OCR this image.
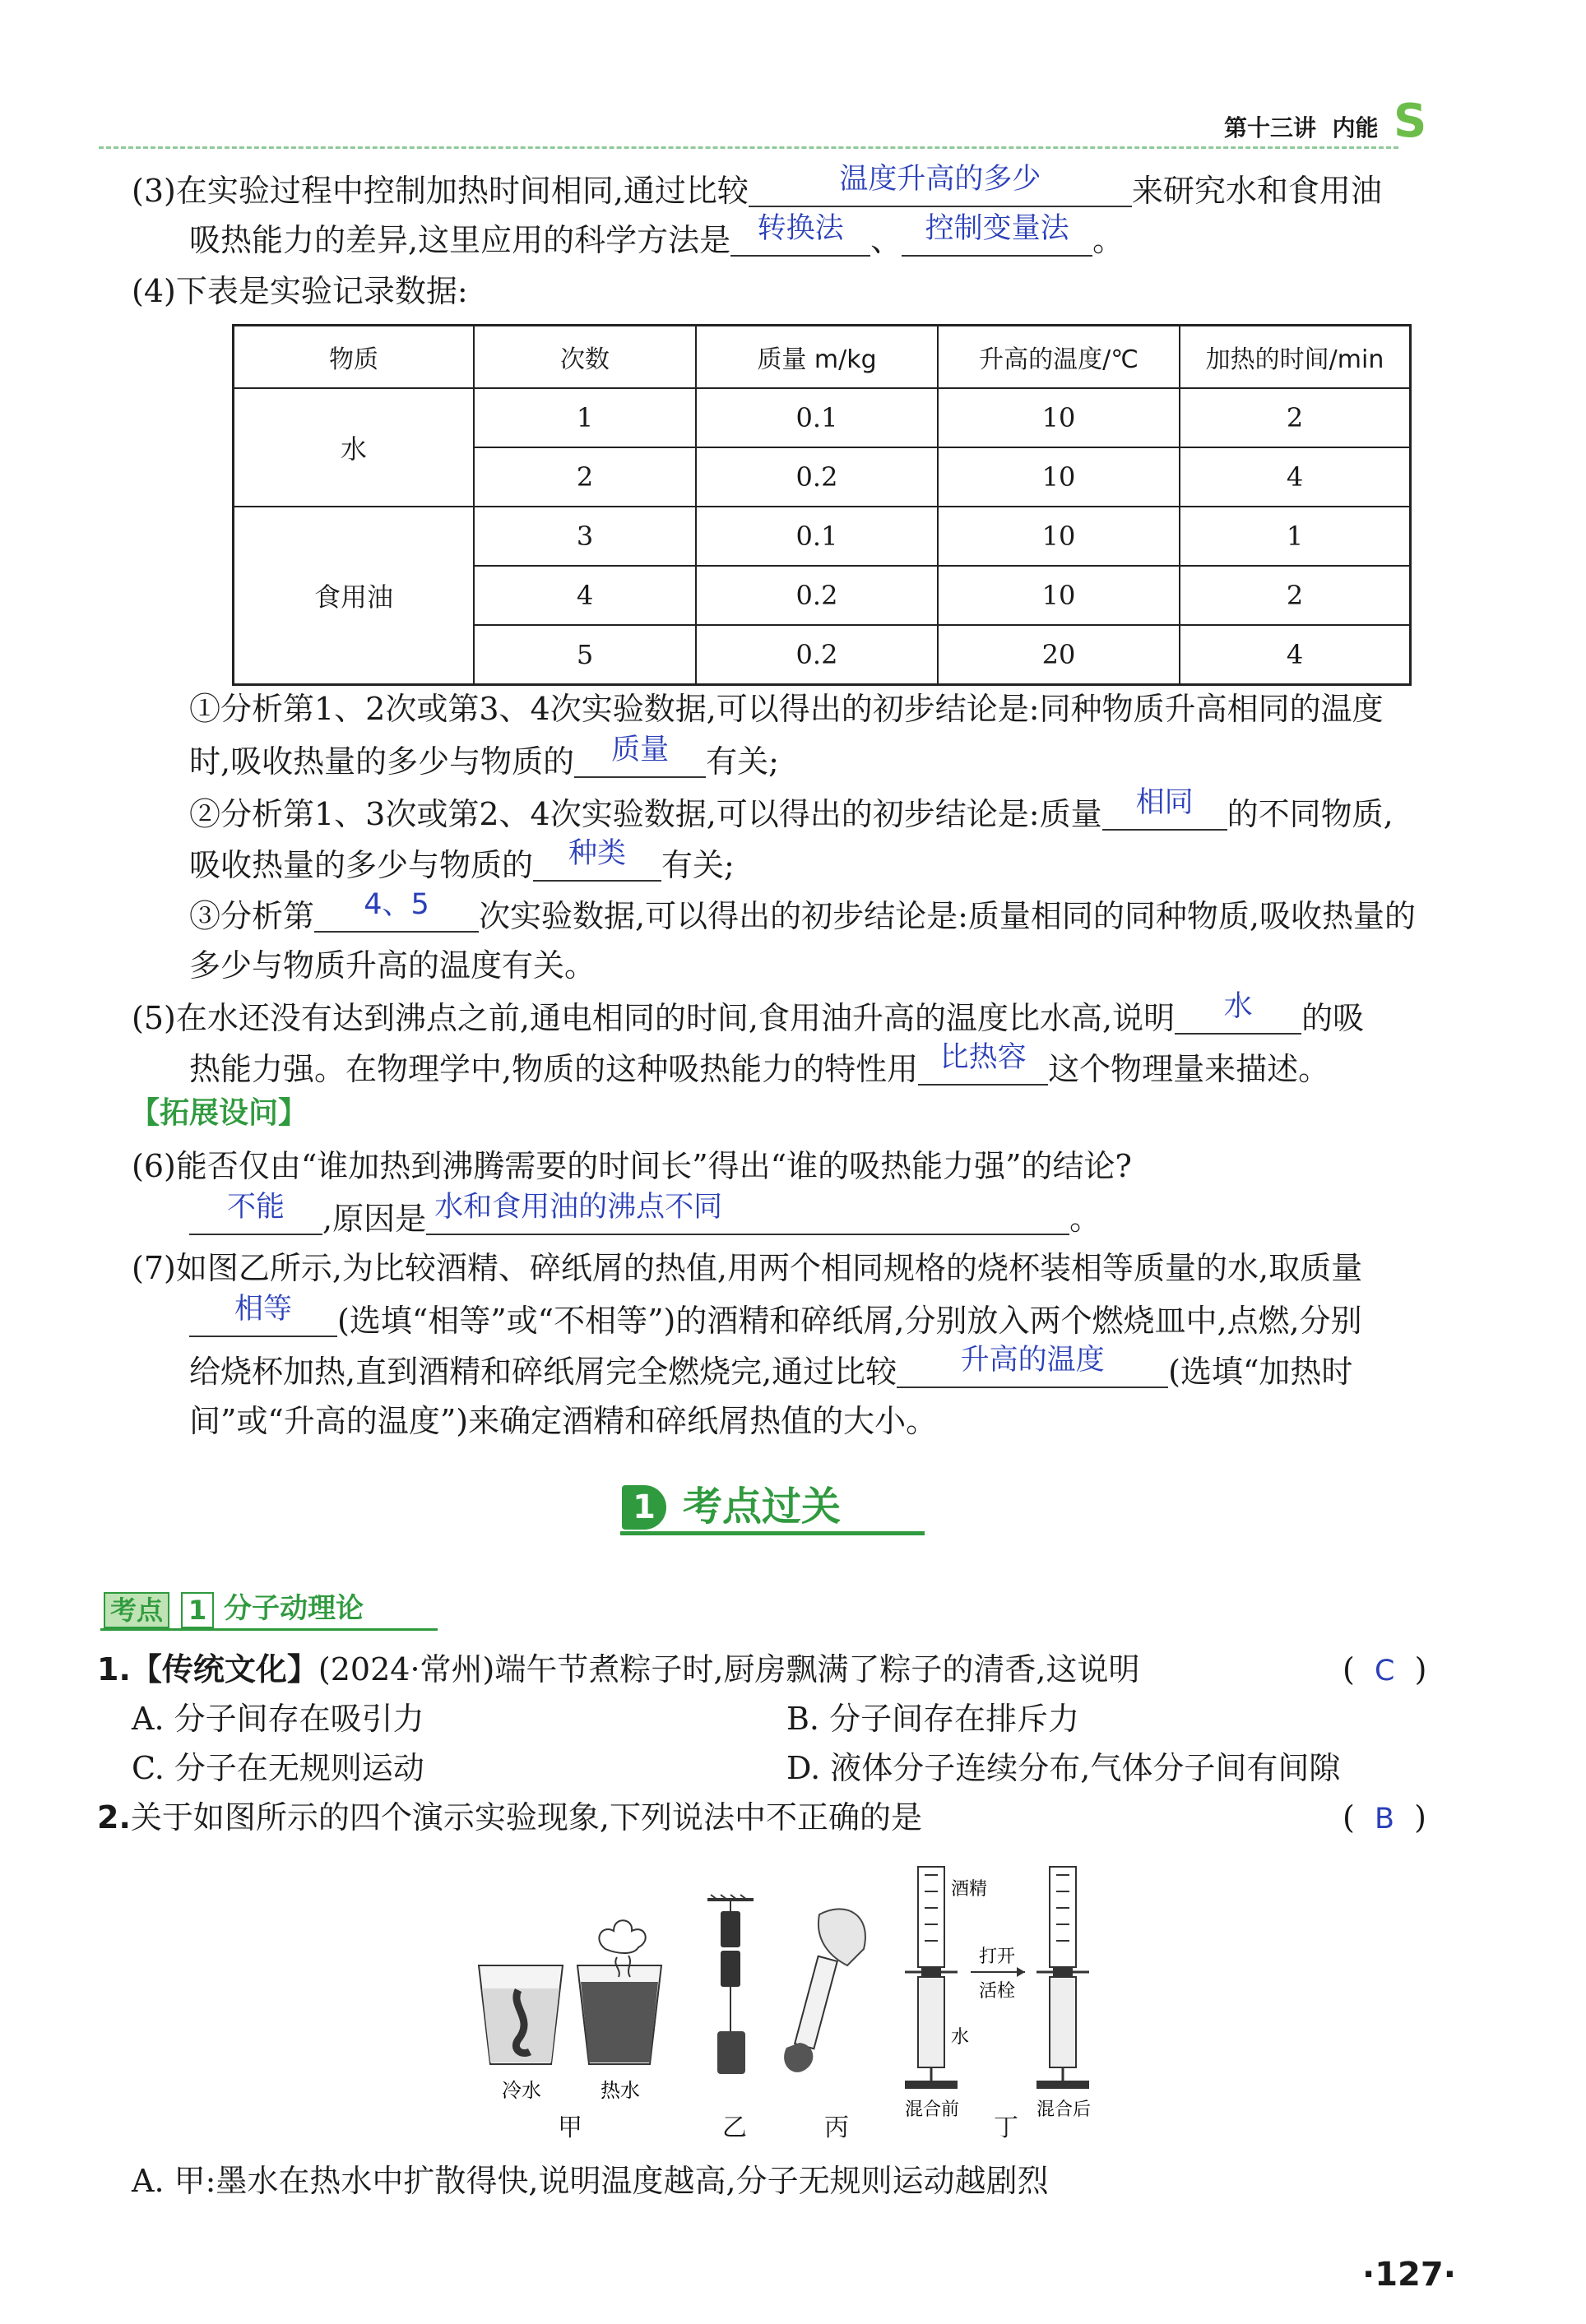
第十三讲 内能 S
(3)在实验过程中控制加热时间相同,通过比较	温度升高的多少	来研究水和食用油
吸热能力的差异,这里应用的科学方法是 转换法 、 控制变量法 。
(4)下表是实验记录数据:
物质	次数	质量 m/kg	升高的温度/℃	加热的时间/min
水	1	0.1	10	2
	2	0.2	10	4
食用油	3	0.1	10	1
	4	0.2	10	2
	5	0.2	20	4
①分析第1、2次或第3、4次实验数据,可以得出的初步结论是:同种物质升高相同的温度
时,吸收热量的多少与物质的 质量 有关;
②分析第1、3次或第2、4次实验数据,可以得出的初步结论是:质量 相同 的不同物质,
吸收热量的多少与物质的 种类 有关;
③分析第 4、5 次实验数据,可以得出的初步结论是:质量相同的同种物质,吸收热量的
多少与物质升高的温度有关。
(5)在水还没有达到沸点之前,通电相同的时间,食用油升高的温度比水高,说明 水 的吸
热能力强。在物理学中,物质的这种吸热能力的特性用 比热容 这个物理量来描述。
【拓展设问】
(6)能否仅由“谁加热到沸腾需要的时间长”得出“谁的吸热能力强”的结论?
不能 ,原因是 水和食用油的沸点不同	。
(7)如图乙所示,为比较酒精、碎纸屑的热值,用两个相同规格的烧杯装相等质量的水,取质量
相等 (选填“相等”或“不相等”)的酒精和碎纸屑,分别放入两个燃烧皿中,点燃,分别
给烧杯加热,直到酒精和碎纸屑完全燃烧完,通过比较 升高的温度 (选填“加热时
间”或“升高的温度”)来确定酒精和碎纸屑热值的大小。
1 考点过关
考点 1 分子动理论
1.【传统文化】(2024·常州)端午节煮粽子时,厨房飘满了粽子的清香,这说明	(  C  )
A. 分子间存在吸引力	B. 分子间存在排斥力
C. 分子在无规则运动	D. 液体分子连续分布,气体分子间有间隙
2.关于如图所示的四个演示实验现象,下列说法中不正确的是	(  B  )
冷水	热水
酒精
打开
活栓
水
混合前	混合后
甲	乙	丙	丁
A. 甲:墨水在热水中扩散得快,说明温度越高,分子无规则运动越剧烈
·127·
